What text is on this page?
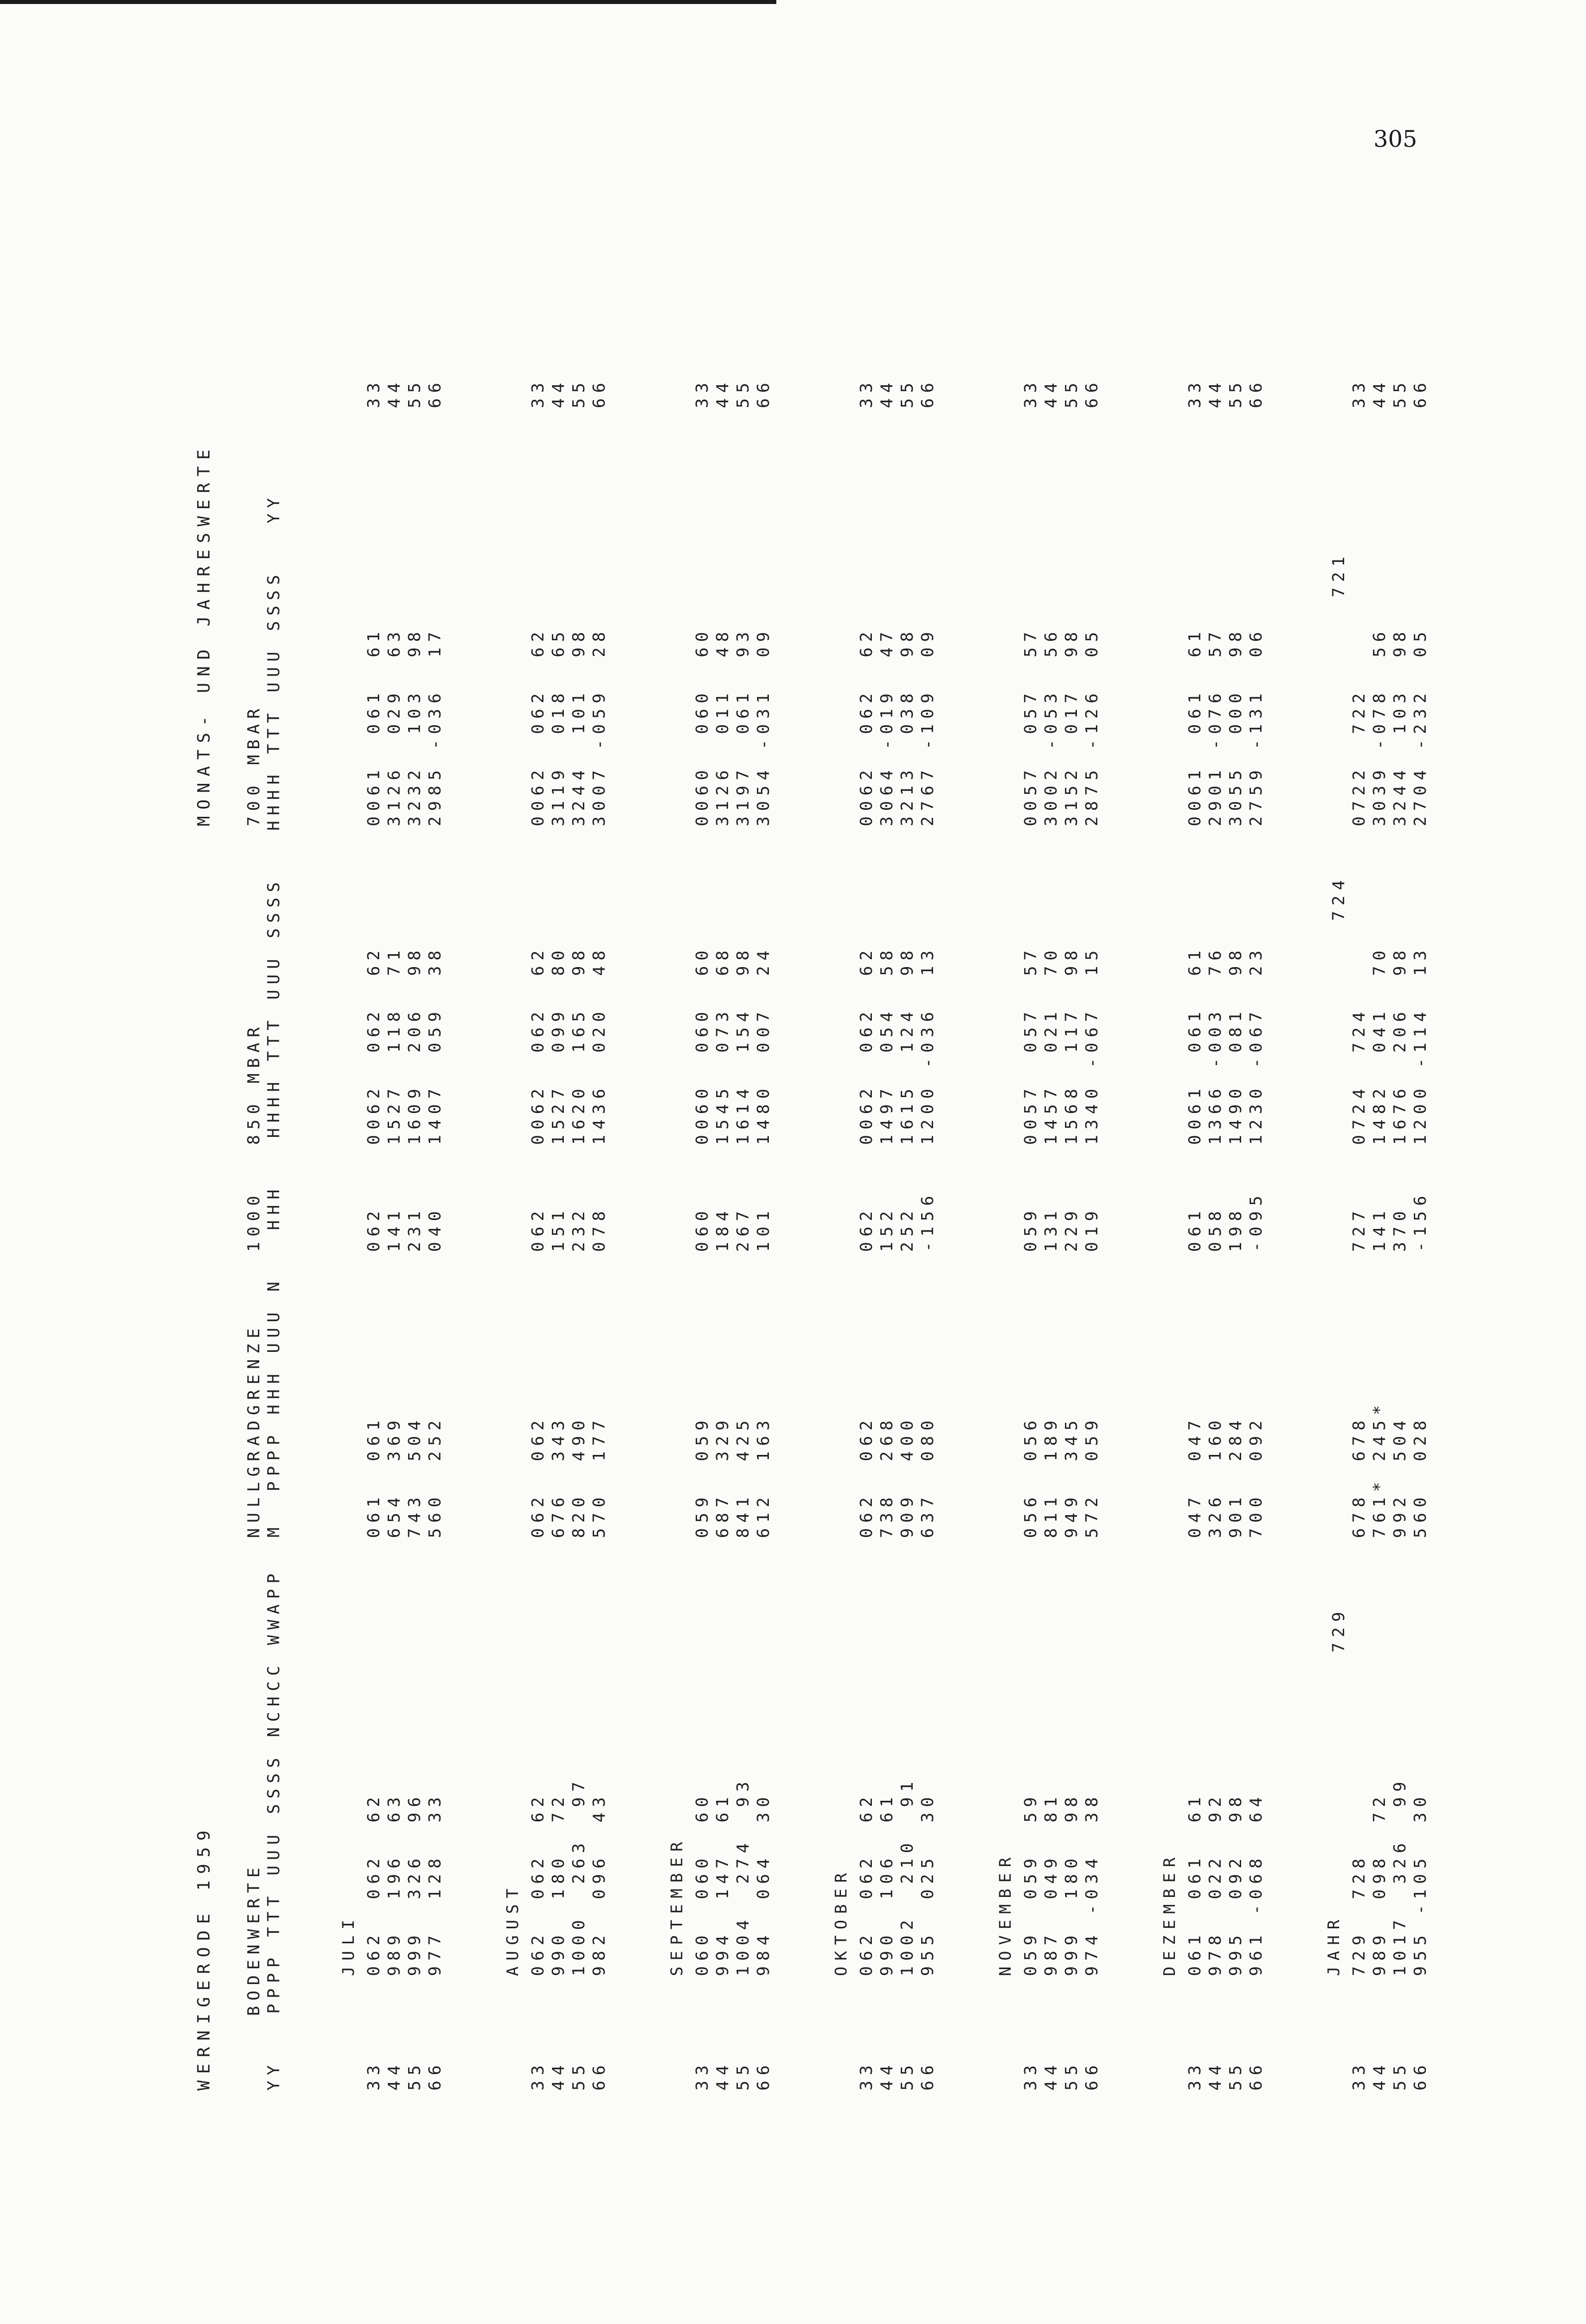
305
WERNIGERODE 1959
MONATS- UND JAHRESWERTE
BODENWERTE
NULLGRADGRENZE
1000
850 MBAR
700 MBAR YY   PPPP TTT UUU SSSS NCHCC WWAPP  M  PPPP HHH UUU N   HHH   HHHH TTT UUU SSSS   HHHH TTT UUU SSSS   YY	JULI
33 44 55 66
062  062  62 989  196  63 999  326  96 977  128  33
061  061 654  369 743  504 560  252
062 141 231 040
0062  062  62 1527  118  71 1609  206  98 1407  059  38
0061  061  61 3126  029  63 3232  103  98 2985 -036  17
33 44 55 66
AUGUST
33 44 55 66
062  062  62 990  180  72 1000  263  97 982  096  43
062  062 676  343 820  490 570  177
062 151 232 078
0062  062  62 1527  099  80 1620  165  98 1436  020  48
0062  062  62 3119  018  65 3244  101  98 3007 -059  28
33 44 55 66
SEPTEMBER
33 44 55 66
060  060  60 994  147  61 1004  274  93 984  064  30
059  059 687  329 841  425 612  163
060 184 267 101
0060  060  60 1545  073  68 1614  154  98 1480  007  24
0060  060  60 3126  011  48 3197  061  93 3054 -031  09
33 44 55 66
OKTOBER
33 44 55 66
062  062  62 990  106  61 1002  210  91 955  025  30
062  062 738  268 909  400 637  080
062 152 252 -156
0062  062  62 1497  054  58 1615  124  98 1200 -036  13
0062  062  62 3064 -019  47 3213  038  98 2767 -109  09
33 44 55 66
NOVEMBER
33 44 55 66
059  059  59 987  049  81 999  180  98 974 -034  38
056  056 811  189 949  345 572  059
059 131 229 019
0057  057  57 1457  021  70 1568  117  98 1340 -067  15
0057  057  57 3002 -053  56 3152  017  98 2875 -126  05
33 44 55 66
DEZEMBER
33 44 55 66
061  061  61 978  022  92 995  092  98 961 -068  64
047  047 326  160 901  284 700  092
061 058 198 -095
0061  061  61 1366 -003  76 1490  081  98 1230 -067  23
0061  061  61 2901 -076  57 3055  000  98 2759 -131  06
33 44 55 66
JAHR
33 44 55 66
729  728 989  098  72 1017  326  99 955 -105  30
678  678 761* 245* 992  504 560  028
727 141 370 -156
0724  724 1482  041  70 1676  206  98 1200 -114  13
0722  722 3039 -078  56 3244  103  98 2704 -232  05
33 44 55 66
729
724
721
